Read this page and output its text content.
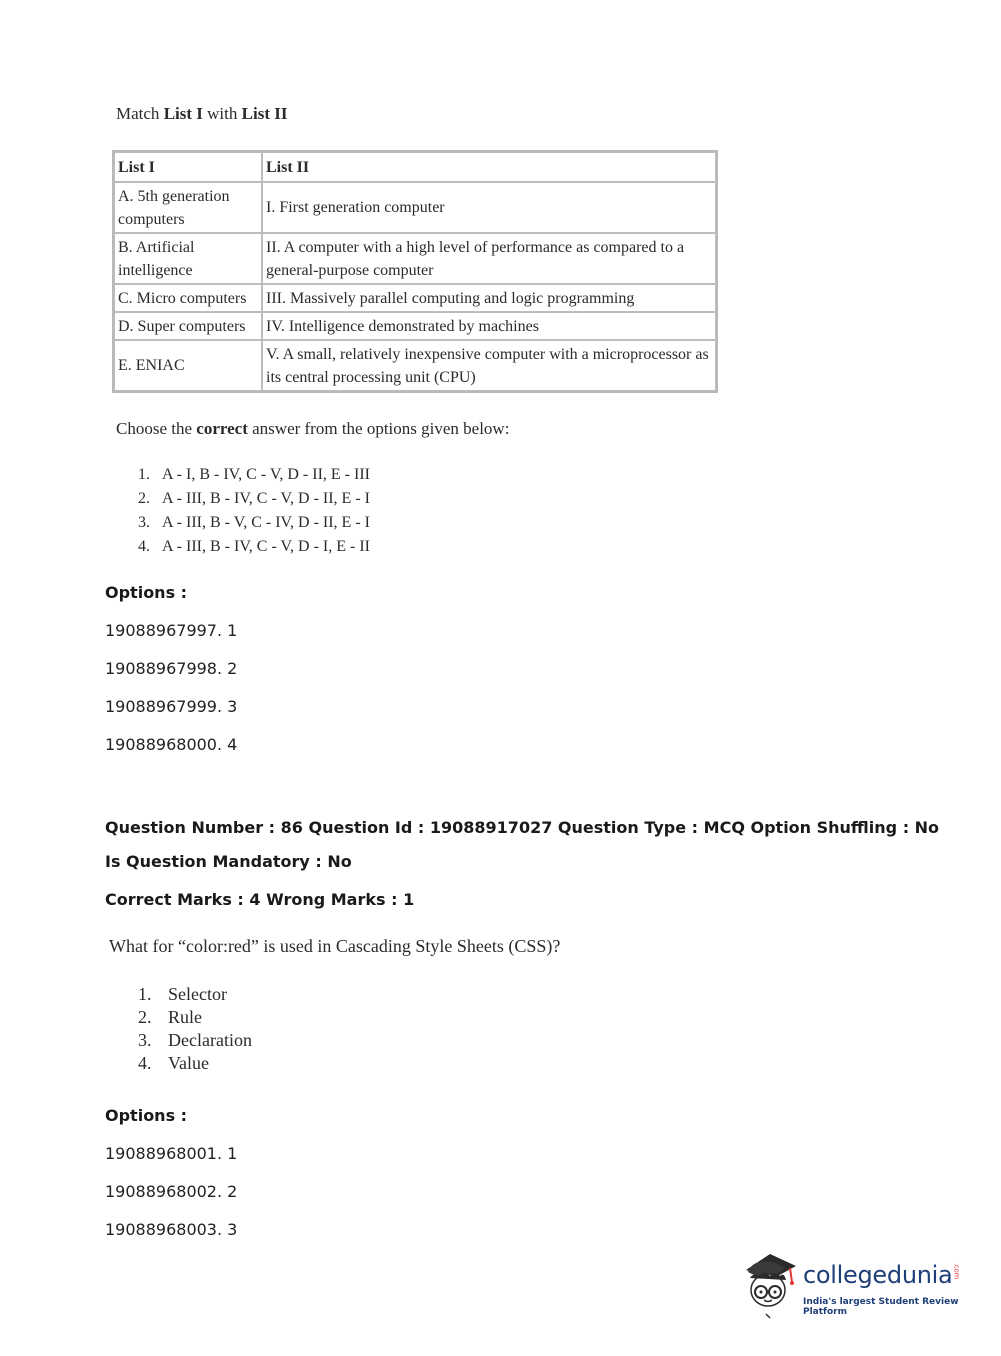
Match List I with List II
List I	List II
A. 5th generation computers	I. First generation computer
B. Artificial intelligence	II. A computer with a high level of performance as compared to a general-purpose computer
C. Micro computers	III. Massively parallel computing and logic programming
D. Super computers	IV. Intelligence demonstrated by machines
E. ENIAC	V. A small, relatively inexpensive computer with a microprocessor as its central processing unit (CPU)
Choose the correct answer from the options given below:
1. A - I, B - IV, C - V, D - II, E - III
2. A - III, B - IV, C - V, D - II, E - I
3. A - III, B - V, C - IV, D - II, E - I
4. A - III, B - IV, C - V, D - I, E - II
Options :
19088967997. 1
19088967998. 2
19088967999. 3
19088968000. 4
Question Number : 86 Question Id : 19088917027 Question Type : MCQ Option Shuffling : No
Is Question Mandatory : No
Correct Marks : 4 Wrong Marks : 1
What for “color:red” is used in Cascading Style Sheets (CSS)?
1. Selector
2. Rule
3. Declaration
4. Value
Options :
19088968001. 1
19088968002. 2
19088968003. 3
collegedunia.com
India's largest Student Review Platform
